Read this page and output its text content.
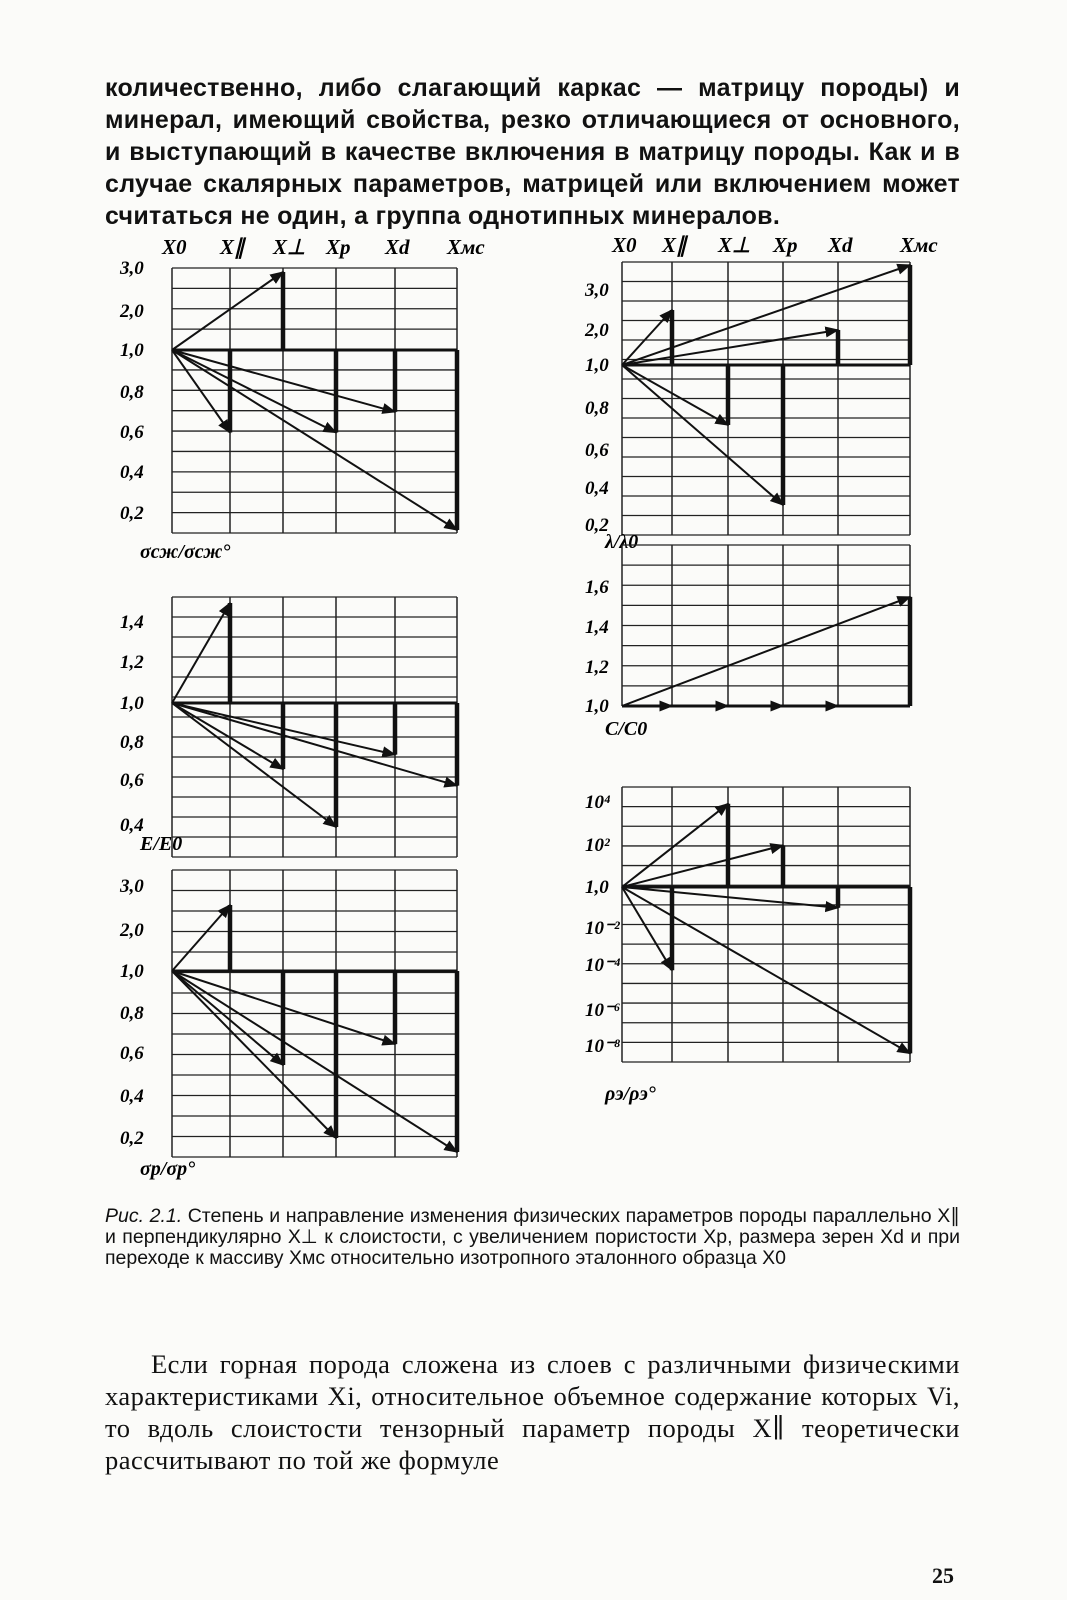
количественно, либо слагающий каркас — матрицу породы) и минерал, имеющий свойства, резко отличающиеся от основного, и выступающий в качестве включения в матрицу породы. Как и в случае скалярных параметров, матрицей или включением может считаться не один, а группа однотипных минералов.

3,0
2,0
1,0
0,8
0,6
0,4
0,2
σсж/σсж°
1,4
1,2
1,0
0,8
0,6
0,4
E/E0
3,0
2,0
1,0
0,8
0,6
0,4
0,2
σp/σp°
3,0
2,0
1,0
0,8
0,6
0,4
0,2
λ/λ0
1,6
1,4
1,2
1,0
C/C0
10⁴
10²
1,0
10⁻²
10⁻⁴
10⁻⁶
10⁻⁸
ρэ/ρэ°
X0 X∥ X⊥ Xp Xd Xмс	X0 X∥ X⊥ Xp Xd Xмс

Рис. 2.1. Степень и направление изменения физических параметров породы параллельно X∥ и перпендикулярно X⊥ к слоистости, с увеличением пористости Xp, размера зерен Xd и при переходе к массиву Xмс относительно изотропного эталонного образца X0

Если горная порода сложена из слоев с различными физическими характеристиками Xi, относительное объемное содержание которых Vi, то вдоль слоистости тензорный параметр породы X∥ теоретически рассчитывают по той же формуле

25
